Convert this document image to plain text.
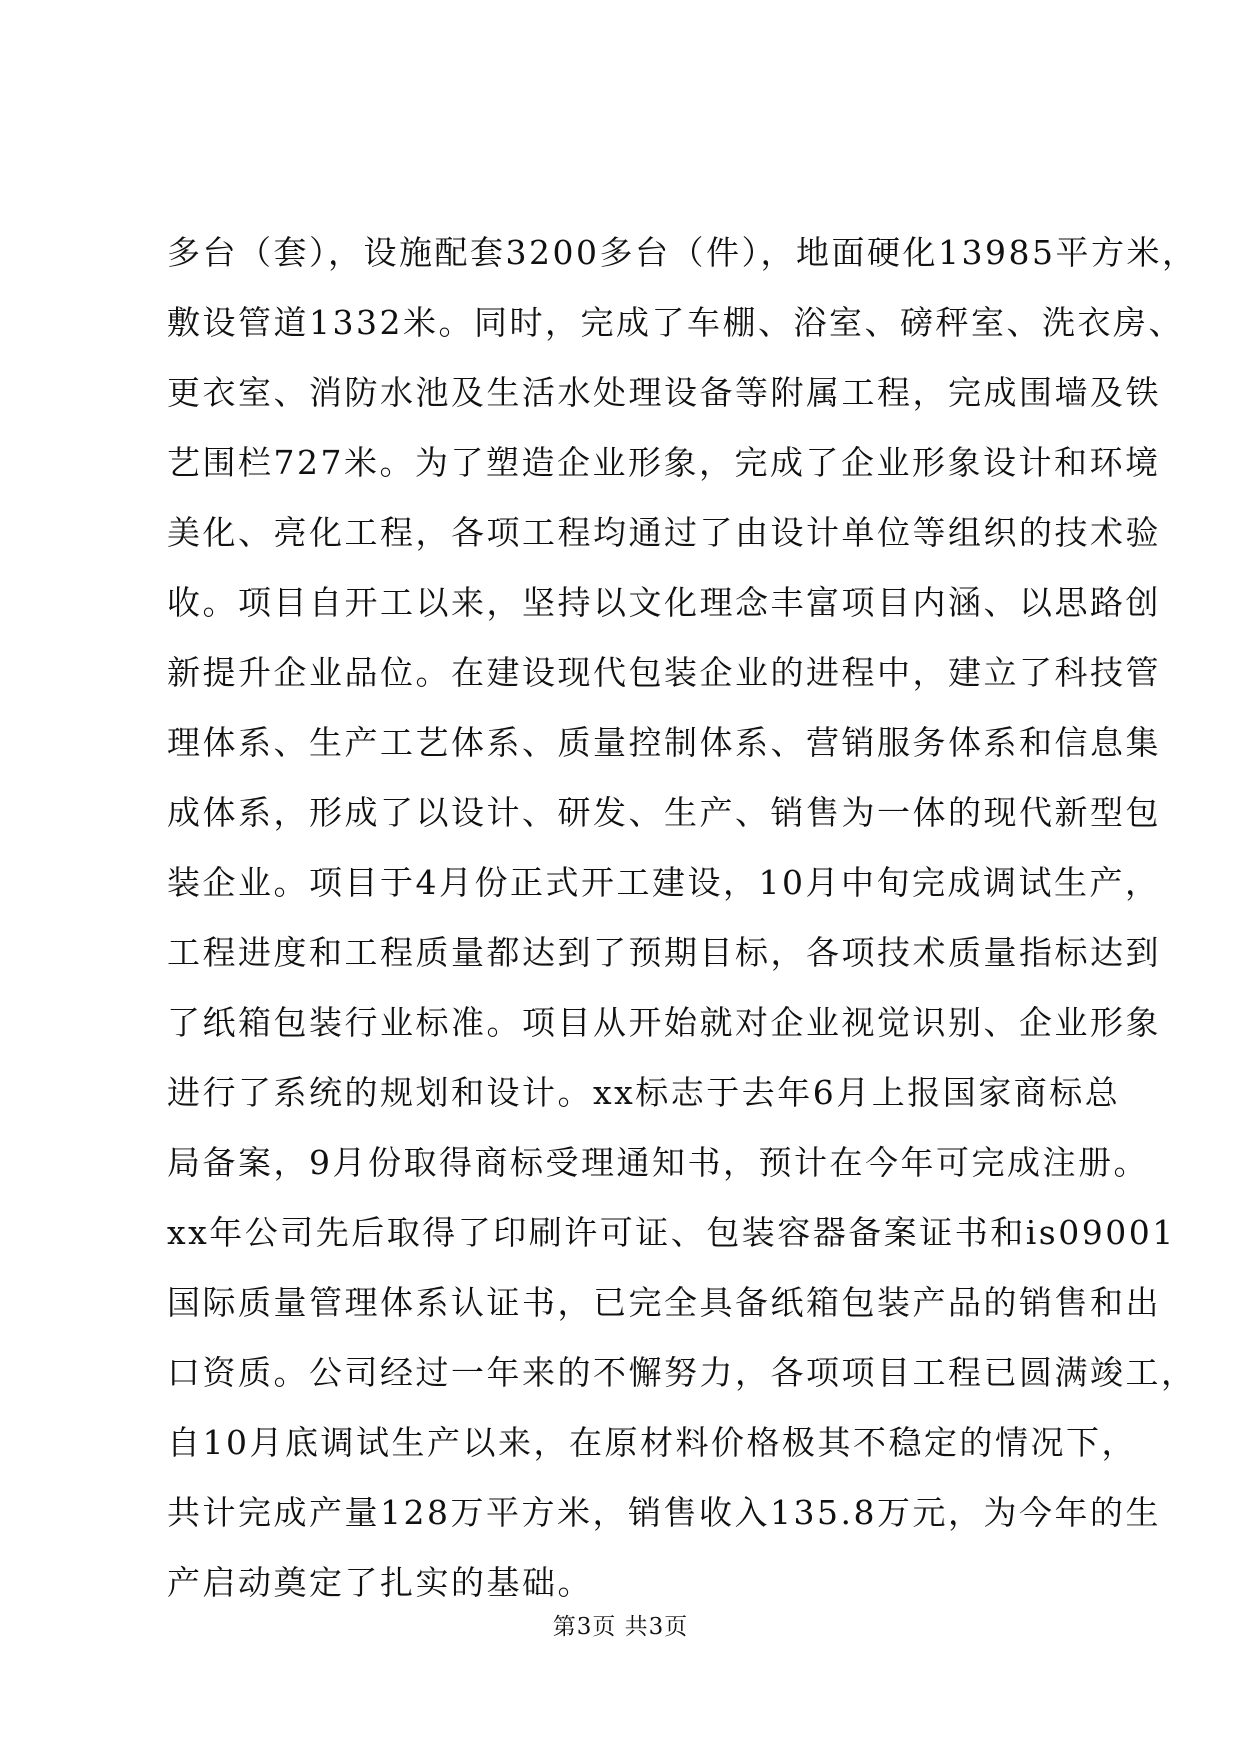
多台（套），设施配套3200多台（件），地面硬化13985平方米，
敷设管道1332米。同时，完成了车棚、浴室、磅秤室、洗衣房、
更衣室、消防水池及生活水处理设备等附属工程，完成围墙及铁
艺围栏727米。为了塑造企业形象，完成了企业形象设计和环境
美化、亮化工程，各项工程均通过了由设计单位等组织的技术验
收。项目自开工以来，坚持以文化理念丰富项目内涵、以思路创
新提升企业品位。在建设现代包装企业的进程中，建立了科技管
理体系、生产工艺体系、质量控制体系、营销服务体系和信息集
成体系，形成了以设计、研发、生产、销售为一体的现代新型包
装企业。项目于4月份正式开工建设，10月中旬完成调试生产，
工程进度和工程质量都达到了预期目标，各项技术质量指标达到
了纸箱包装行业标准。项目从开始就对企业视觉识别、企业形象
进行了系统的规划和设计。xx标志于去年6月上报国家商标总
局备案，9月份取得商标受理通知书，预计在今年可完成注册。
xx年公司先后取得了印刷许可证、包装容器备案证书和is09001
国际质量管理体系认证书，已完全具备纸箱包装产品的销售和出
口资质。公司经过一年来的不懈努力，各项项目工程已圆满竣工，
自10月底调试生产以来，在原材料价格极其不稳定的情况下，
共计完成产量128万平方米，销售收入135.8万元，为今年的生
产启动奠定了扎实的基础。
第3页 共3页
